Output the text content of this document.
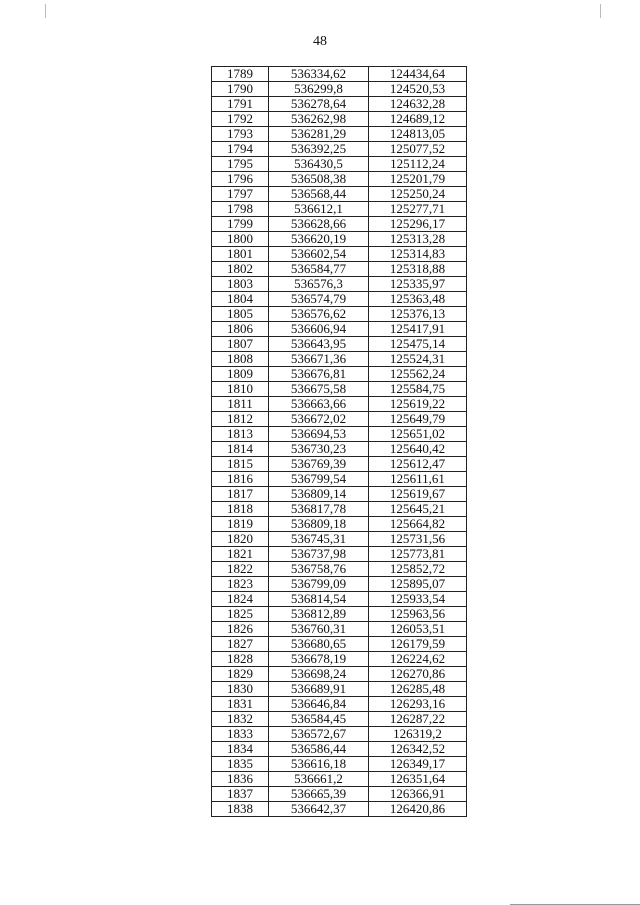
48
1789	536334,62	124434,64
1790	536299,8	124520,53
1791	536278,64	124632,28
1792	536262,98	124689,12
1793	536281,29	124813,05
1794	536392,25	125077,52
1795	536430,5	125112,24
1796	536508,38	125201,79
1797	536568,44	125250,24
1798	536612,1	125277,71
1799	536628,66	125296,17
1800	536620,19	125313,28
1801	536602,54	125314,83
1802	536584,77	125318,88
1803	536576,3	125335,97
1804	536574,79	125363,48
1805	536576,62	125376,13
1806	536606,94	125417,91
1807	536643,95	125475,14
1808	536671,36	125524,31
1809	536676,81	125562,24
1810	536675,58	125584,75
1811	536663,66	125619,22
1812	536672,02	125649,79
1813	536694,53	125651,02
1814	536730,23	125640,42
1815	536769,39	125612,47
1816	536799,54	125611,61
1817	536809,14	125619,67
1818	536817,78	125645,21
1819	536809,18	125664,82
1820	536745,31	125731,56
1821	536737,98	125773,81
1822	536758,76	125852,72
1823	536799,09	125895,07
1824	536814,54	125933,54
1825	536812,89	125963,56
1826	536760,31	126053,51
1827	536680,65	126179,59
1828	536678,19	126224,62
1829	536698,24	126270,86
1830	536689,91	126285,48
1831	536646,84	126293,16
1832	536584,45	126287,22
1833	536572,67	126319,2
1834	536586,44	126342,52
1835	536616,18	126349,17
1836	536661,2	126351,64
1837	536665,39	126366,91
1838	536642,37	126420,86
